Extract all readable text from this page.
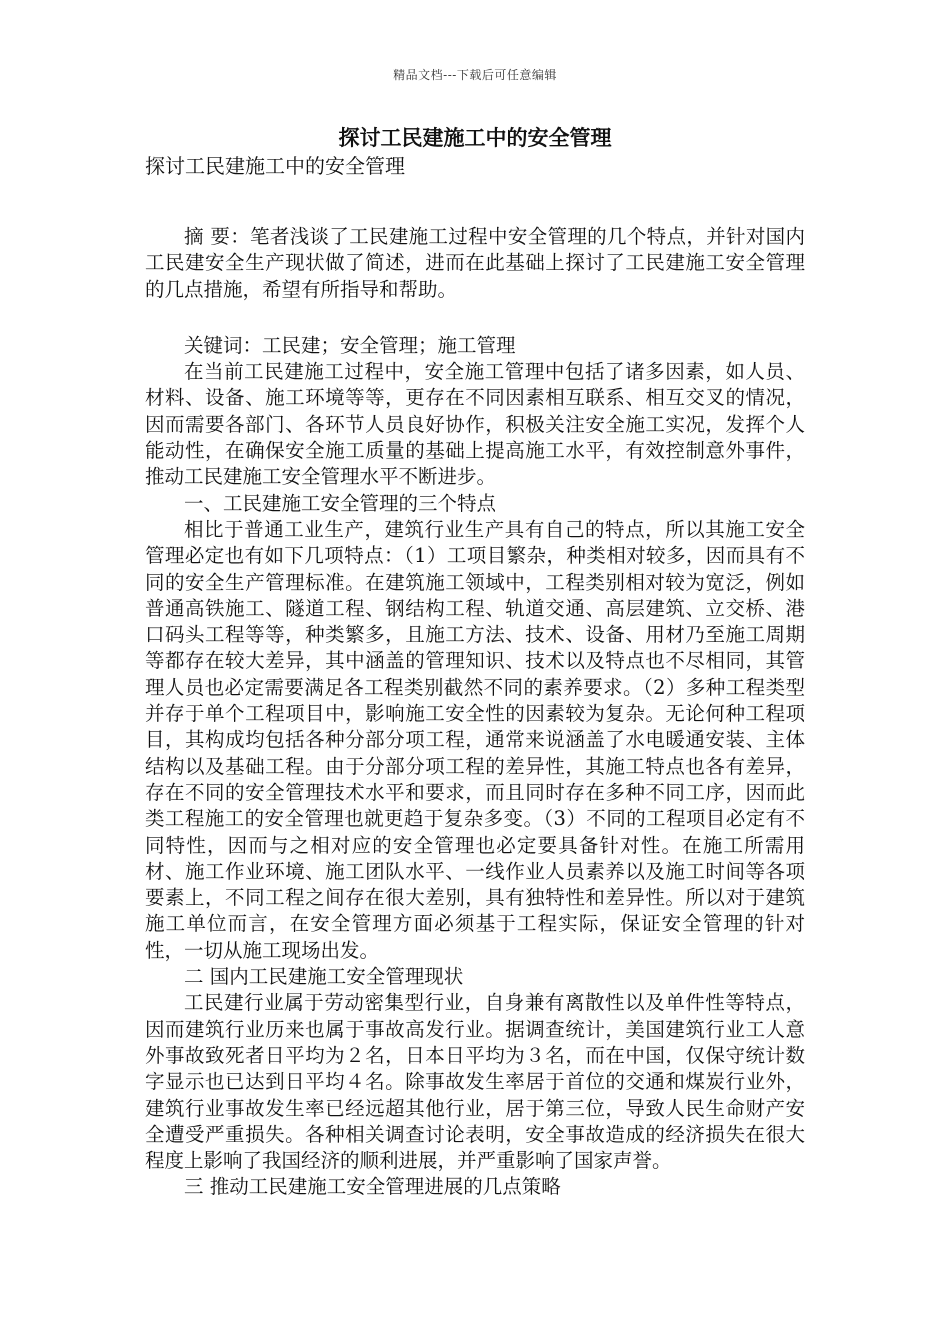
精品文档---下载后可任意编辑
探讨工民建施工中的安全管理

探讨工民建施工中的安全管理

摘 要：笔者浅谈了工民建施工过程中安全管理的几个特点，并针对国内工民建安全生产现状做了简述，进而在此基础上探讨了工民建施工安全管理的几点措施，希望有所指导和帮助。

关键词：工民建；安全管理；施工管理

在当前工民建施工过程中，安全施工管理中包括了诸多因素，如人员、材料、设备、施工环境等等，更存在不同因素相互联系、相互交叉的情况，因而需要各部门、各环节人员良好协作，积极关注安全施工实况，发挥个人能动性，在确保安全施工质量的基础上提高施工水平，有效控制意外事件，推动工民建施工安全管理水平不断进步。

一、工民建施工安全管理的三个特点

相比于普通工业生产，建筑行业生产具有自己的特点，所以其施工安全管理必定也有如下几项特点：（1）工项目繁杂，种类相对较多，因而具有不同的安全生产管理标准。在建筑施工领域中，工程类别相对较为宽泛，例如普通高铁施工、隧道工程、钢结构工程、轨道交通、高层建筑、立交桥、港口码头工程等等，种类繁多，且施工方法、技术、设备、用材乃至施工周期等都存在较大差异，其中涵盖的管理知识、技术以及特点也不尽相同，其管理人员也必定需要满足各工程类别截然不同的素养要求。（2）多种工程类型并存于单个工程项目中，影响施工安全性的因素较为复杂。无论何种工程项目，其构成均包括各种分部分项工程，通常来说涵盖了水电暖通安装、主体结构以及基础工程。由于分部分项工程的差异性，其施工特点也各有差异，存在不同的安全管理技术水平和要求，而且同时存在多种不同工序，因而此类工程施工的安全管理也就更趋于复杂多变。（3）不同的工程项目必定有不同特性，因而与之相对应的安全管理也必定要具备针对性。在施工所需用材、施工作业环境、施工团队水平、一线作业人员素养以及施工时间等各项要素上，不同工程之间存在很大差别，具有独特性和差异性。所以对于建筑施工单位而言，在安全管理方面必须基于工程实际，保证安全管理的针对性，一切从施工现场出发。

二 国内工民建施工安全管理现状

工民建行业属于劳动密集型行业，自身兼有离散性以及单件性等特点，因而建筑行业历来也属于事故高发行业。据调查统计，美国建筑行业工人意外事故致死者日平均为２名，日本日平均为３名，而在中国，仅保守统计数字显示也已达到日平均４名。除事故发生率居于首位的交通和煤炭行业外，建筑行业事故发生率已经远超其他行业，居于第三位，导致人民生命财产安全遭受严重损失。各种相关调查讨论表明，安全事故造成的经济损失在很大程度上影响了我国经济的顺利进展，并严重影响了国家声誉。

三 推动工民建施工安全管理进展的几点策略
